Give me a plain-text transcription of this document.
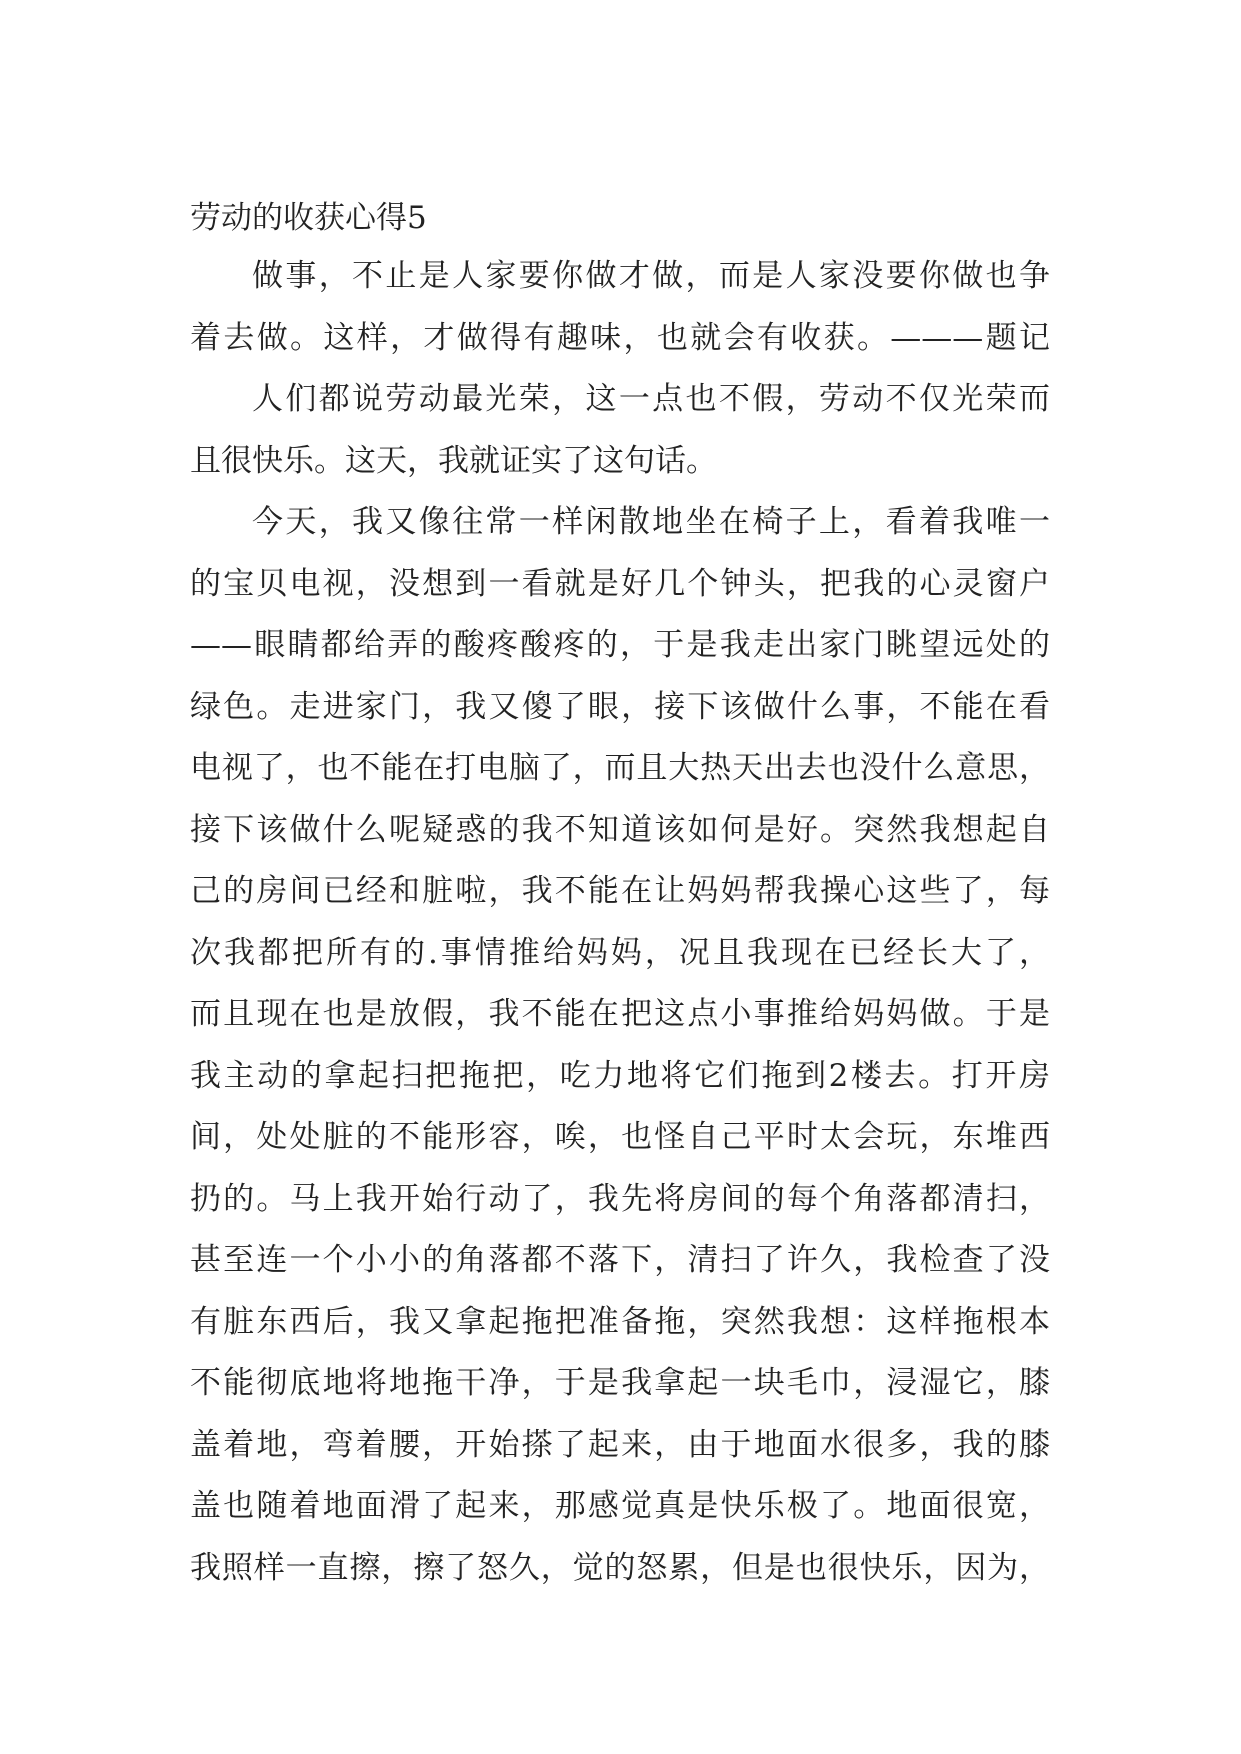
劳动的收获心得5

做事，不止是人家要你做才做，而是人家没要你做也争

着去做。这样，才做得有趣味，也就会有收获。———题记

人们都说劳动最光荣，这一点也不假，劳动不仅光荣而

且很快乐。这天，我就证实了这句话。

今天，我又像往常一样闲散地坐在椅子上，看着我唯一

的宝贝电视，没想到一看就是好几个钟头，把我的心灵窗户

——眼睛都给弄的酸疼酸疼的，于是我走出家门眺望远处的

绿色。走进家门，我又傻了眼，接下该做什么事，不能在看

电视了，也不能在打电脑了，而且大热天出去也没什么意思，

接下该做什么呢疑惑的我不知道该如何是好。突然我想起自

己的房间已经和脏啦，我不能在让妈妈帮我操心这些了，每

次我都把所有的.事情推给妈妈，况且我现在已经长大了，

而且现在也是放假，我不能在把这点小事推给妈妈做。于是

我主动的拿起扫把拖把，吃力地将它们拖到2楼去。打开房

间，处处脏的不能形容，唉，也怪自己平时太会玩，东堆西

扔的。马上我开始行动了，我先将房间的每个角落都清扫，

甚至连一个小小的角落都不落下，清扫了许久，我检查了没

有脏东西后，我又拿起拖把准备拖，突然我想：这样拖根本

不能彻底地将地拖干净，于是我拿起一块毛巾，浸湿它，膝

盖着地，弯着腰，开始搽了起来，由于地面水很多，我的膝

盖也随着地面滑了起来，那感觉真是快乐极了。地面很宽，

我照样一直擦，擦了怒久，觉的怒累，但是也很快乐，因为，
